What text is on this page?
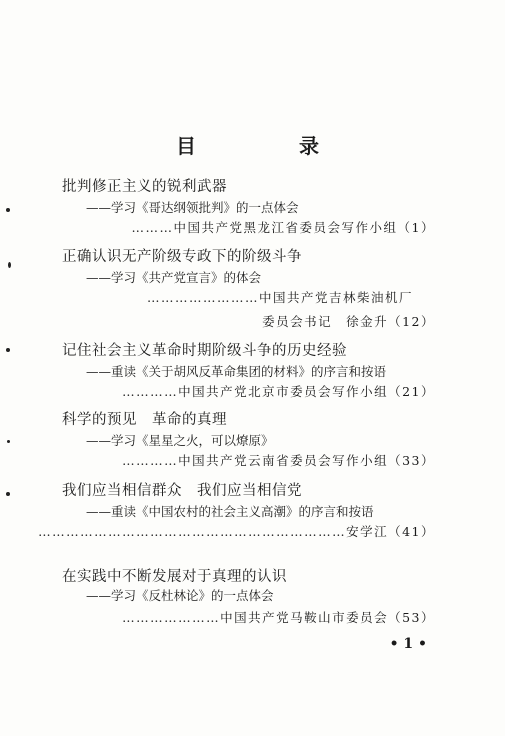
目 录
批判修正主义的锐利武器
——学习《哥达纲领批判》的一点体会
………中国共产党黑龙江省委员会写作小组（1）
正确认识无产阶级专政下的阶级斗争
——学习《共产党宣言》的体会
……………………中国共产党吉林柴油机厂
委员会书记　徐金升（12）
记住社会主义革命时期阶级斗争的历史经验
——重读《关于胡风反革命集团的材料》的序言和按语
…………中国共产党北京市委员会写作小组（21）
科学的预见　革命的真理
——学习《星星之火，可以燎原》
…………中国共产党云南省委员会写作小组（33）
我们应当相信群众　我们应当相信党
——重读《中国农村的社会主义高潮》的序言和按语
…………………………………………………………安学江（41）
在实践中不断发展对于真理的认识
——学习《反杜林论》的一点体会
…………………中国共产党马鞍山市委员会（53）
• 1 •
